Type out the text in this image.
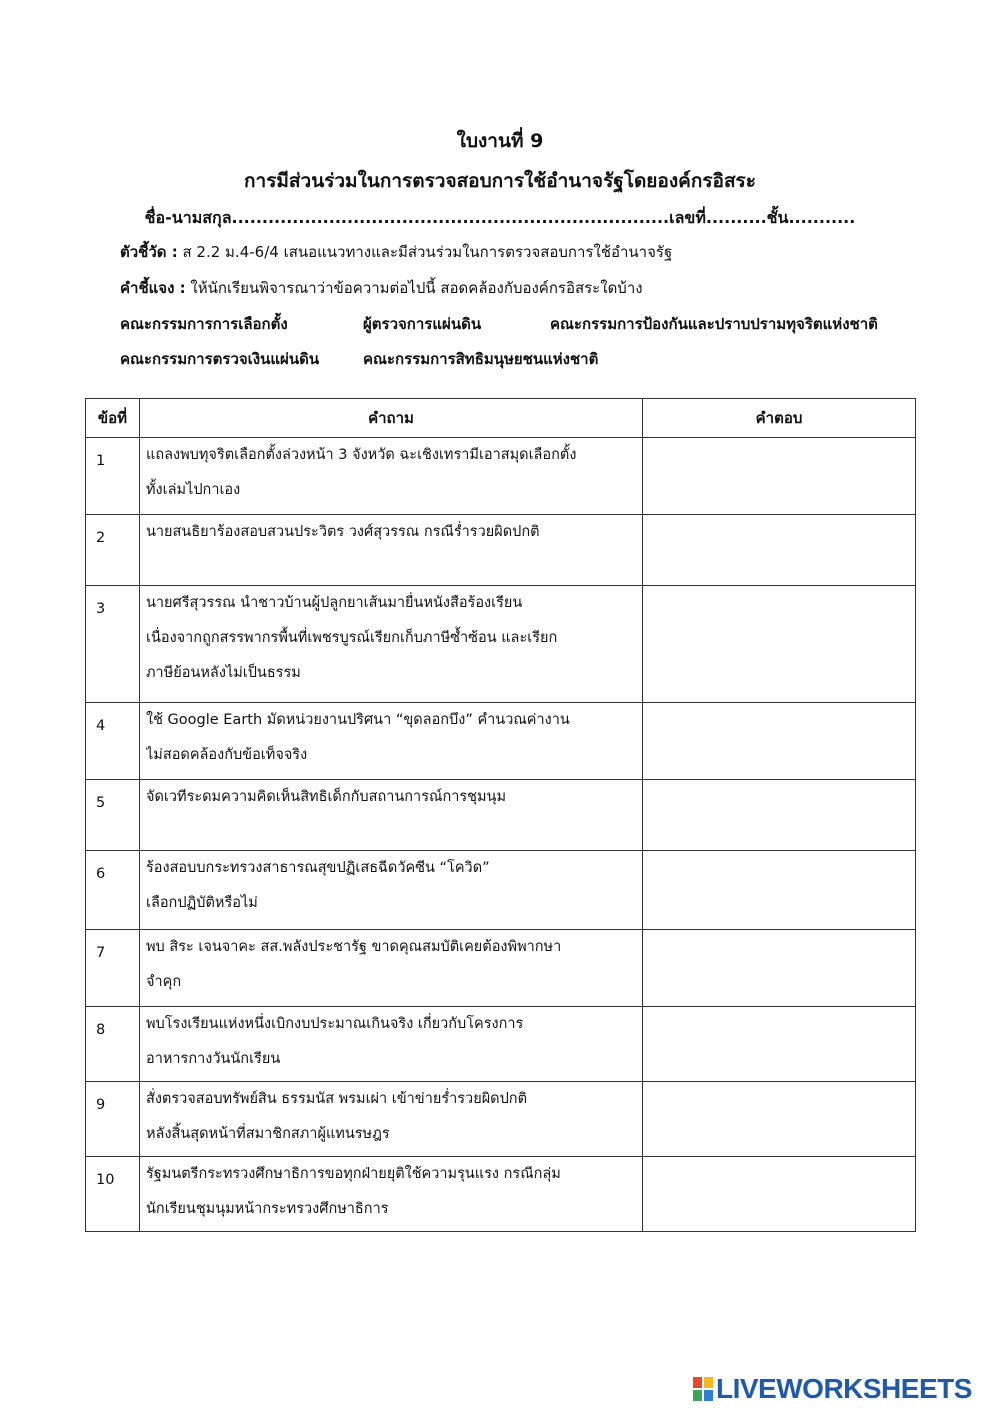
ใบงานที่ 9
การมีส่วนร่วมในการตรวจสอบการใช้อำนาจรัฐโดยองค์กรอิสระ
ชื่อ-นามสกุล........................................................................เลขที่..........ชั้น...........
ตัวชี้วัด : ส 2.2 ม.4-6/4 เสนอแนวทางและมีส่วนร่วมในการตรวจสอบการใช้อำนาจรัฐ
คำชี้แจง : ให้นักเรียนพิจารณาว่าข้อความต่อไปนี้ สอดคล้องกับองค์กรอิสระใดบ้าง
คณะกรรมการการเลือกตั้ง	ผู้ตรวจการแผ่นดิน	คณะกรรมการป้องกันและปราบปรามทุจริตแห่งชาติ
คณะกรรมการตรวจเงินแผ่นดิน	คณะกรรมการสิทธิมนุษยชนแห่งชาติ
ข้อที่	คำถาม	คำตอบ
1	แถลงพบทุจริตเลือกตั้งล่วงหน้า 3 จังหวัด ฉะเชิงเทรามีเอาสมุดเลือกตั้ง
ทั้งเล่มไปกาเอง	

2	นายสนธิยาร้องสอบสวนประวิตร วงศ์สุวรรณ กรณีร่ำรวยผิดปกติ	

3	นายศรีสุวรรณ นำชาวบ้านผู้ปลูกยาเส้นมายื่นหนังสือร้องเรียน
เนื่องจากถูกสรรพากรพื้นที่เพชรบูรณ์เรียกเก็บภาษีซ้ำซ้อน และเรียก
ภาษีย้อนหลังไม่เป็นธรรม	

4	ใช้ Google Earth มัดหน่วยงานปริศนา “ขุดลอกบึง” คำนวณค่างาน
ไม่สอดคล้องกับข้อเท็จจริง	

5	จัดเวทีระดมความคิดเห็นสิทธิเด็กกับสถานการณ์การชุมนุม	

6	ร้องสอบบกระทรวงสาธารณสุขปฏิเสธฉีดวัคซีน “โควิด”
เลือกปฏิบัติหรือไม่	

7	พบ สิระ เจนจาคะ สส.พลังประชารัฐ ขาดคุณสมบัติเคยต้องพิพากษา
จำคุก	

8	พบโรงเรียนแห่งหนึ่งเบิกงบประมาณเกินจริง เกี่ยวกับโครงการ
อาหารกางวันนักเรียน	

9	สั่งตรวจสอบทรัพย์สิน ธรรมนัส พรมเผ่า เข้าข่ายร่ำรวยผิดปกติ
หลังสิ้นสุดหน้าที่สมาชิกสภาผู้แทนรษฎร	

10	รัฐมนตรีกระทรวงศึกษาธิการขอทุกฝ่ายยุติใช้ความรุนแรง กรณีกลุ่ม
นักเรียนชุมนุมหน้ากระทรวงศึกษาธิการ	

LIVEWORKSHEETS
